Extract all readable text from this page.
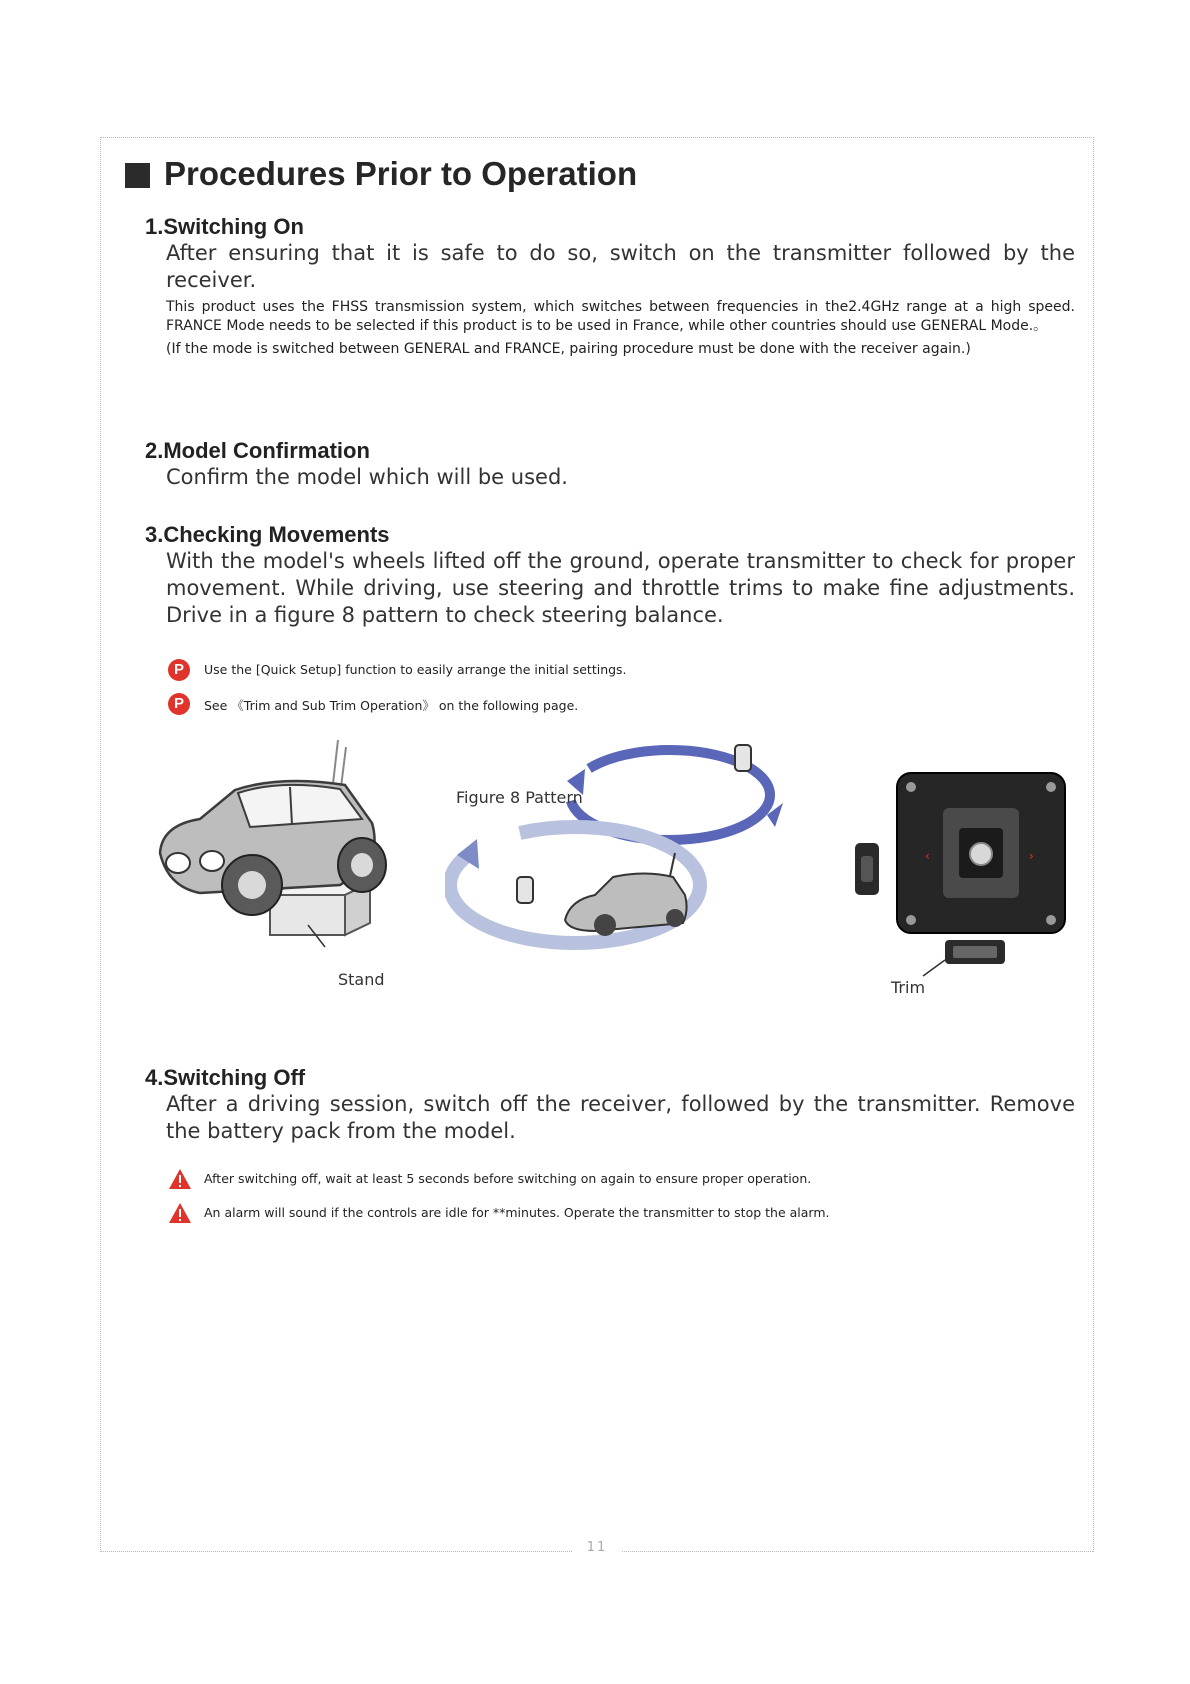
11
Procedures Prior to Operation

1.Switching On

After ensuring that it is safe to do so, switch on the transmitter followed by the receiver.

This product uses the FHSS transmission system, which switches between frequencies in the2.4GHz range at a high speed. FRANCE Mode needs to be selected if this product is to be used in France, while other countries should use GENERAL Mode.。

(If the mode is switched between GENERAL and FRANCE, pairing procedure must be done with the receiver again.)

2.Model Confirmation

Confirm the model which will be used.

3.Checking Movements

With the model's wheels lifted off the ground, operate transmitter to check for proper movement. While driving, use steering and throttle trims to make fine adjustments. Drive in a figure 8 pattern to check steering balance.

P	Use the [Quick Setup] function to easily arrange the initial settings.
P	See 《Trim and Sub Trim Operation》 on the following page.
Stand
Figure 8 Pattern
‹	›
Trim

4.Switching Off

After a driving session, switch off the receiver, followed by the transmitter. Remove the battery pack from the model.

After switching off, wait at least 5 seconds before switching on again to ensure proper operation.
An alarm will sound if the controls are idle for **minutes. Operate the transmitter to stop the alarm.
